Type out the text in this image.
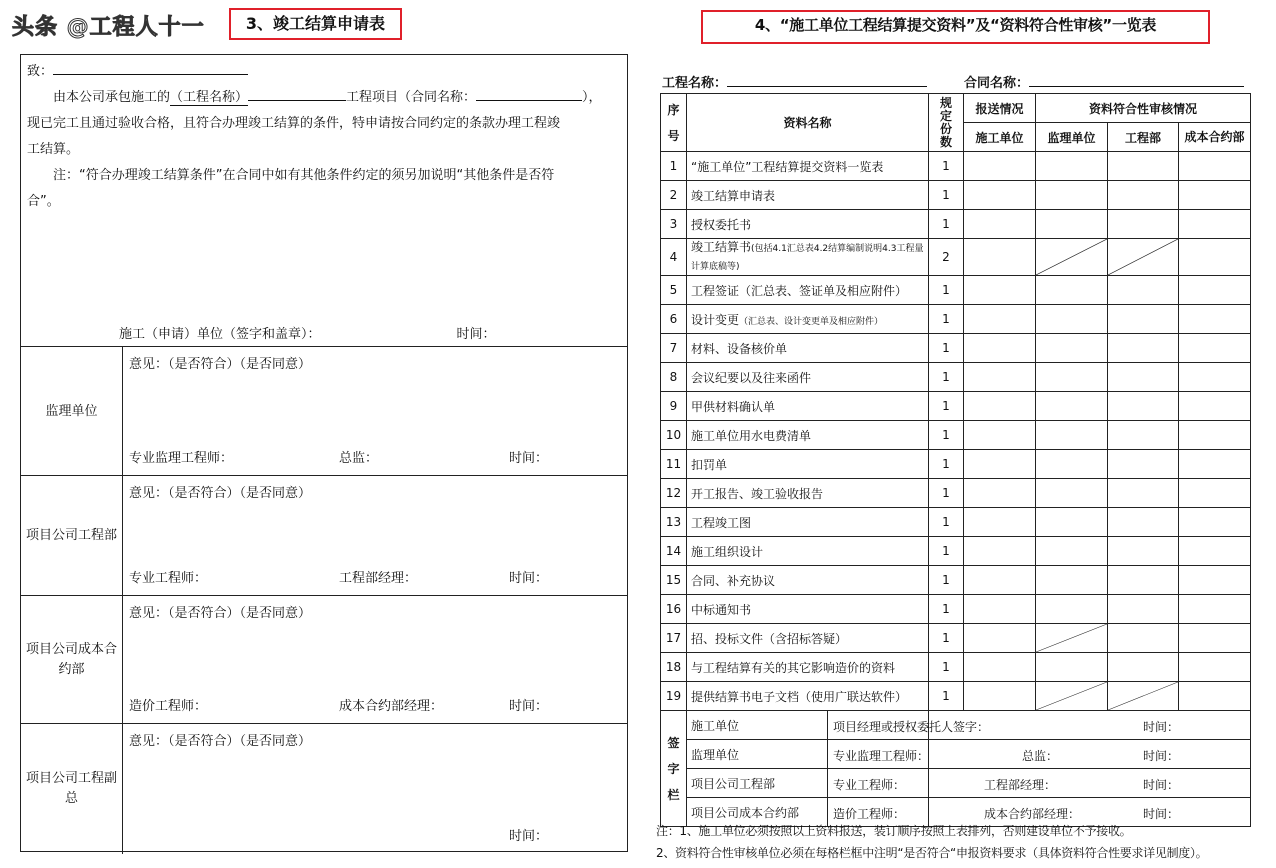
3、竣工结算申请表	4、“施工单位工程结算提交资料”及“资料符合性审核”一览表

致：

由本公司承包施工的（工程名称）	工程项目（合同名称：	），

现已完工且通过验收合格，且符合办理竣工结算的条件，特申请按合同约定的条款办理工程竣

工结算。

注：“符合办理竣工结算条件”在合同中如有其他条件约定的须另加说明“其他条件是否符

合”。

施工（申请）单位（签字和盖章）：	时间：

监理单位
意见：（是否符合）（是否同意）
专业监理工程师：	总监：	时间：
项目公司工程部
意见：（是否符合）（是否同意）
专业工程师：	工程部经理：	时间：
项目公司成本合约部
意见：（是否符合）（是否同意）
造价工程师：	成本合约部经理：	时间：
项目公司工程副总
意见：（是否符合）（是否同意）
时间：
工程名称：	合同名称：
序号	资料名称	规定份数	报送情况	资料符合性审核情况		
			施工单位	监理单位	工程部	成本合约部
1	“施工单位”工程结算提交资料一览表	1				
2	竣工结算申请表	1				
3	授权委托书	1				
4	竣工结算书(包括4.1汇总表4.2结算编制说明4.3工程量计算底稿等)	2		

5	工程签证（汇总表、签证单及相应附件）	1				
6	设计变更（汇总表、设计变更单及相应附件）	1				
7	材料、设备核价单	1				
8	会议纪要以及往来函件	1				
9	甲供材料确认单	1				
10	施工单位用水电费清单	1				
11	扣罚单	1				
12	开工报告、竣工验收报告	1				
13	工程竣工图	1				
14	施工组织设计	1				
15	合同、补充协议	1				
16	中标通知书	1				
17	招、投标文件（含招标答疑）	1		

18	与工程结算有关的其它影响造价的资料	1				
19	提供结算书电子文档（使用广联达软件）	1		

签字栏	施工单位	项目经理或授权委托人签字： 时间：				

	监理单位	专业监理工程师： 总监： 时间：				

	项目公司工程部	专业工程师： 工程部经理： 时间：				

	项目公司成本合约部	造价工程师： 成本合约部经理： 时间：				
注：1、施工单位必须按照以上资料报送，装订顺序按照上表排列，否则建设单位不予接收。
2、资料符合性审核单位必须在每格栏框中注明“是否符合“申报资料要求（具体资料符合性要求详见制度）。
头条 @工程人十一
